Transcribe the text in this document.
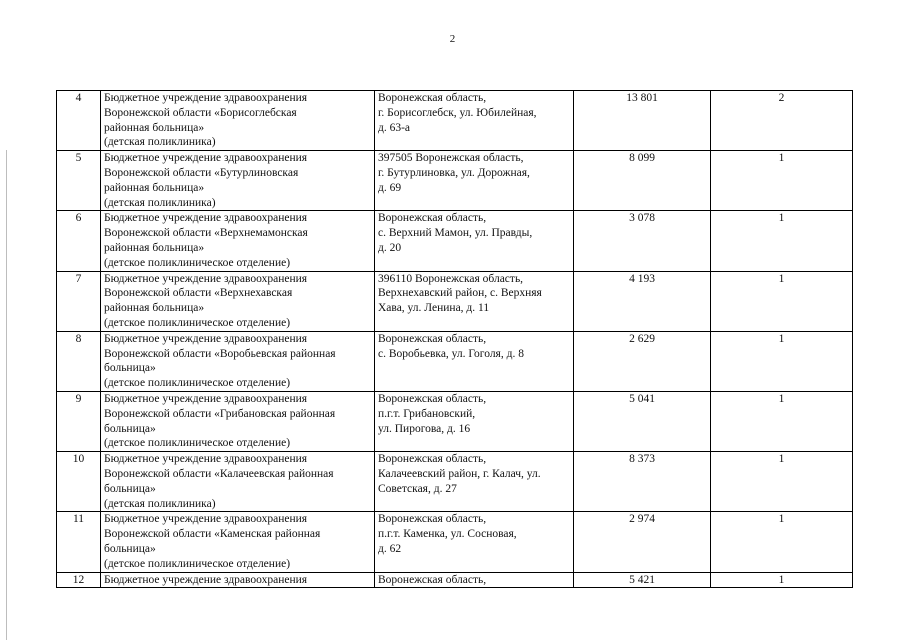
2
4	Бюджетное учреждение здравоохранения
Воронежской области «Борисоглебская
районная больница»
(детская поликлиника)	Воронежская область,
г. Борисоглебск, ул. Юбилейная,
д. 63-а	13 801	2
5	Бюджетное учреждение здравоохранения
Воронежской области «Бутурлиновская
районная больница»
(детская поликлиника)	397505 Воронежская область,
г. Бутурлиновка, ул. Дорожная,
д. 69	8 099	1
6	Бюджетное учреждение здравоохранения
Воронежской области «Верхнемамонская
районная больница»
(детское поликлиническое отделение)	Воронежская область,
с. Верхний Мамон, ул. Правды,
д. 20	3 078	1
7	Бюджетное учреждение здравоохранения
Воронежской области «Верхнехавская
районная больница»
(детское поликлиническое отделение)	396110 Воронежская область,
Верхнехавский район, с. Верхняя
Хава, ул. Ленина, д. 11	4 193	1
8	Бюджетное учреждение здравоохранения
Воронежской области «Воробьевская районная
больница»
(детское поликлиническое отделение)	Воронежская область,
с. Воробьевка, ул. Гоголя, д. 8	2 629	1
9	Бюджетное учреждение здравоохранения
Воронежской области «Грибановская районная
больница»
(детское поликлиническое отделение)	Воронежская область,
п.г.т. Грибановский,
ул. Пирогова, д. 16	5 041	1
10	Бюджетное учреждение здравоохранения
Воронежской области «Калачеевская районная
больница»
(детская поликлиника)	Воронежская область,
Калачеевский район, г. Калач, ул.
Советская, д. 27	8 373	1
11	Бюджетное учреждение здравоохранения
Воронежской области «Каменская районная
больница»
(детское поликлиническое отделение)	Воронежская область,
п.г.т. Каменка, ул. Сосновая,
д. 62	2 974	1
12	Бюджетное учреждение здравоохранения	Воронежская область,	5 421	1
